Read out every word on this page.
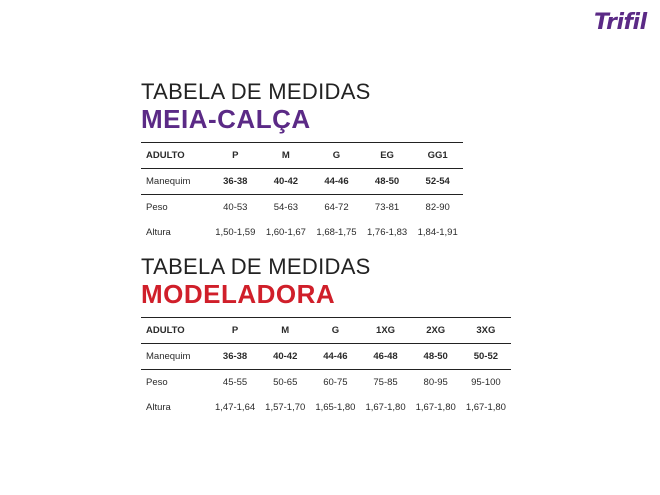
Trifil

TABELA DE MEDIDAS

MEIA-CALÇA

ADULTO	P	M	G	EG	GG1
Manequim	36-38	40-42	44-46	48-50	52-54
Peso	40-53	54-63	64-72	73-81	82-90
Altura	1,50-1,59	1,60-1,67	1,68-1,75	1,76-1,83	1,84-1,91

TABELA DE MEDIDAS

MODELADORA

ADULTO	P	M	G	1XG	2XG	3XG
Manequim	36-38	40-42	44-46	46-48	48-50	50-52
Peso	45-55	50-65	60-75	75-85	80-95	95-100
Altura	1,47-1,64	1,57-1,70	1,65-1,80	1,67-1,80	1,67-1,80	1,67-1,80
